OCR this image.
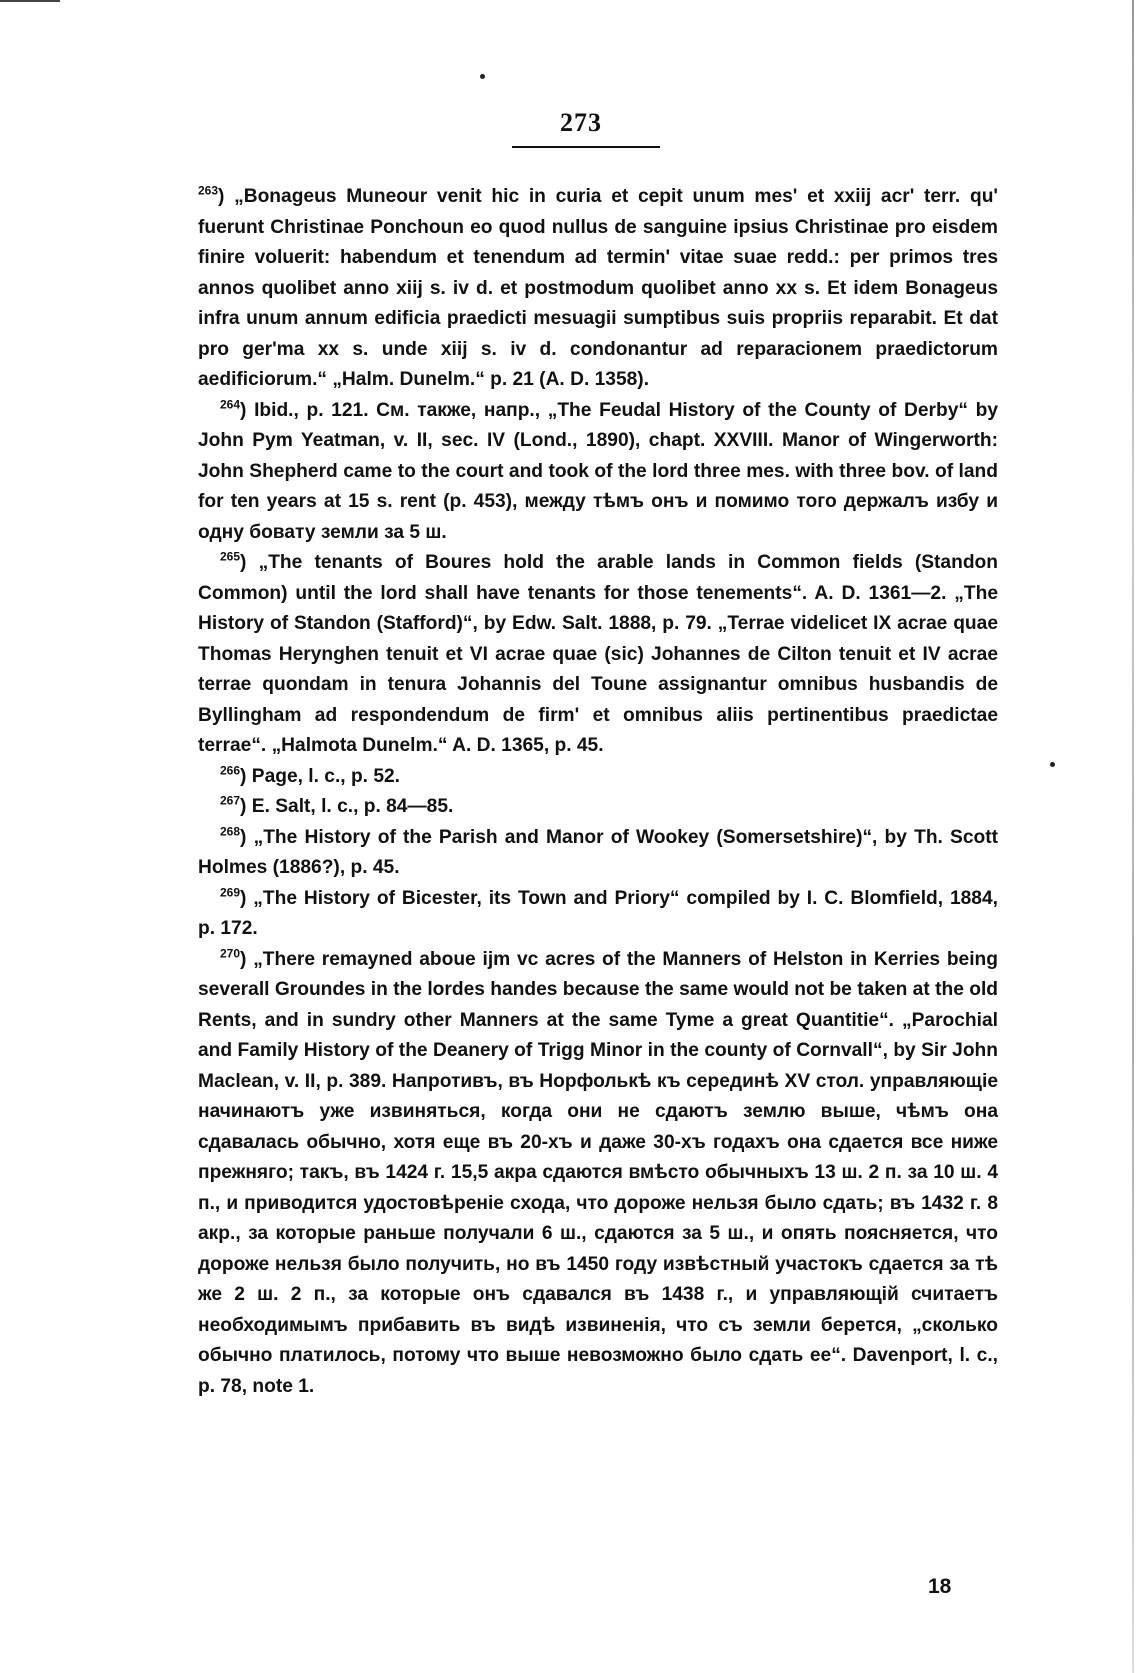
273

$^{263}$) „Bonageus Muneour venit hic in curia et cepit unum mes' et xxiij acr' terr. qu' fuerunt Christinae Ponchoun eo quod nullus de sanguine ipsius Christinae pro eisdem finire voluerit: habendum et tenendum ad termin' vitae suae redd.: per primos tres annos quolibet anno xiij s. iv d. et postmodum quolibet anno xx s. Et idem Bonageus infra unum annum edificia praedicti mesuagii sumptibus suis propriis reparabit. Et dat pro ger'ma xx s. unde xiij s. iv d. condonantur ad reparacionem praedictorum aedificiorum.“ „Halm. Dunelm.“ p. 21 (A. D. 1358).

$^{264}$) Ibid., p. 121. См. также, напр., „The Feudal History of the County of Derby“ by John Pym Yeatman, v. II, sec. IV (Lond., 1890), chapt. XXVIII. Manor of Wingerworth: John Shepherd came to the court and took of the lord three mes. with three bov. of land for ten years at 15 s. rent (p. 453), между тѣмъ онъ и помимо того держалъ избу и одну бовату земли за 5 ш.

$^{265}$) „The tenants of Boures hold the arable lands in Common fields (Standon Common) until the lord shall have tenants for those tenements“. A. D. 1361—2. „The History of Standon (Stafford)“, by Edw. Salt. 1888, p. 79. „Terrae videlicet IX acrae quae Thomas Herynghen tenuit et VI acrae quae (sic) Johannes de Cilton tenuit et IV acrae terrae quondam in tenura Johannis del Toune assignantur omnibus husbandis de Byllingham ad respondendum de firm' et omnibus aliis pertinentibus praedictae terrae“. „Halmota Dunelm.“ A. D. 1365, p. 45.

$^{266}$) Page, l. c., p. 52.

$^{267}$) E. Salt, l. c., p. 84—85.

$^{268}$) „The History of the Parish and Manor of Wookey (Somersetshire)“, by Th. Scott Holmes (1886?), p. 45.

$^{269}$) „The History of Bicester, its Town and Priory“ compiled by I. C. Blomfield, 1884, p. 172.

$^{270}$) „There remayned aboue ijm vc acres of the Manners of Helston in Kerries being severall Groundes in the lordes handes because the same would not be taken at the old Rents, and in sundry other Manners at the same Tyme a great Quantitie“. „Parochial and Family History of the Deanery of Trigg Minor in the county of Cornvall“, by Sir John Maclean, v. II, p. 389. Напротивъ, въ Норфолькѣ къ серединѣ XV стол. управляющіе начинаютъ уже извиняться, когда они не сдаютъ землю выше, чѣмъ она сдавалась обычно, хотя еще въ 20-хъ и даже 30-хъ годахъ она сдается все ниже прежняго; такъ, въ 1424 г. 15,5 акра сдаются вмѣсто обычныхъ 13 ш. 2 п. за 10 ш. 4 п., и приводится удостовѣреніе схода, что дороже нельзя было сдать; въ 1432 г. 8 акр., за которые раньше получали 6 ш., сдаются за 5 ш., и опять поясняется, что дороже нельзя было получить, но въ 1450 году извѣстный участокъ сдается за тѣ же 2 ш. 2 п., за которые онъ сдавался въ 1438 г., и управляющій считаетъ необходимымъ прибавить въ видѣ извиненія, что съ земли берется, „сколько обычно платилось, потому что выше невозможно было сдать ее“. Davenport, l. c., p. 78, note 1.

18
